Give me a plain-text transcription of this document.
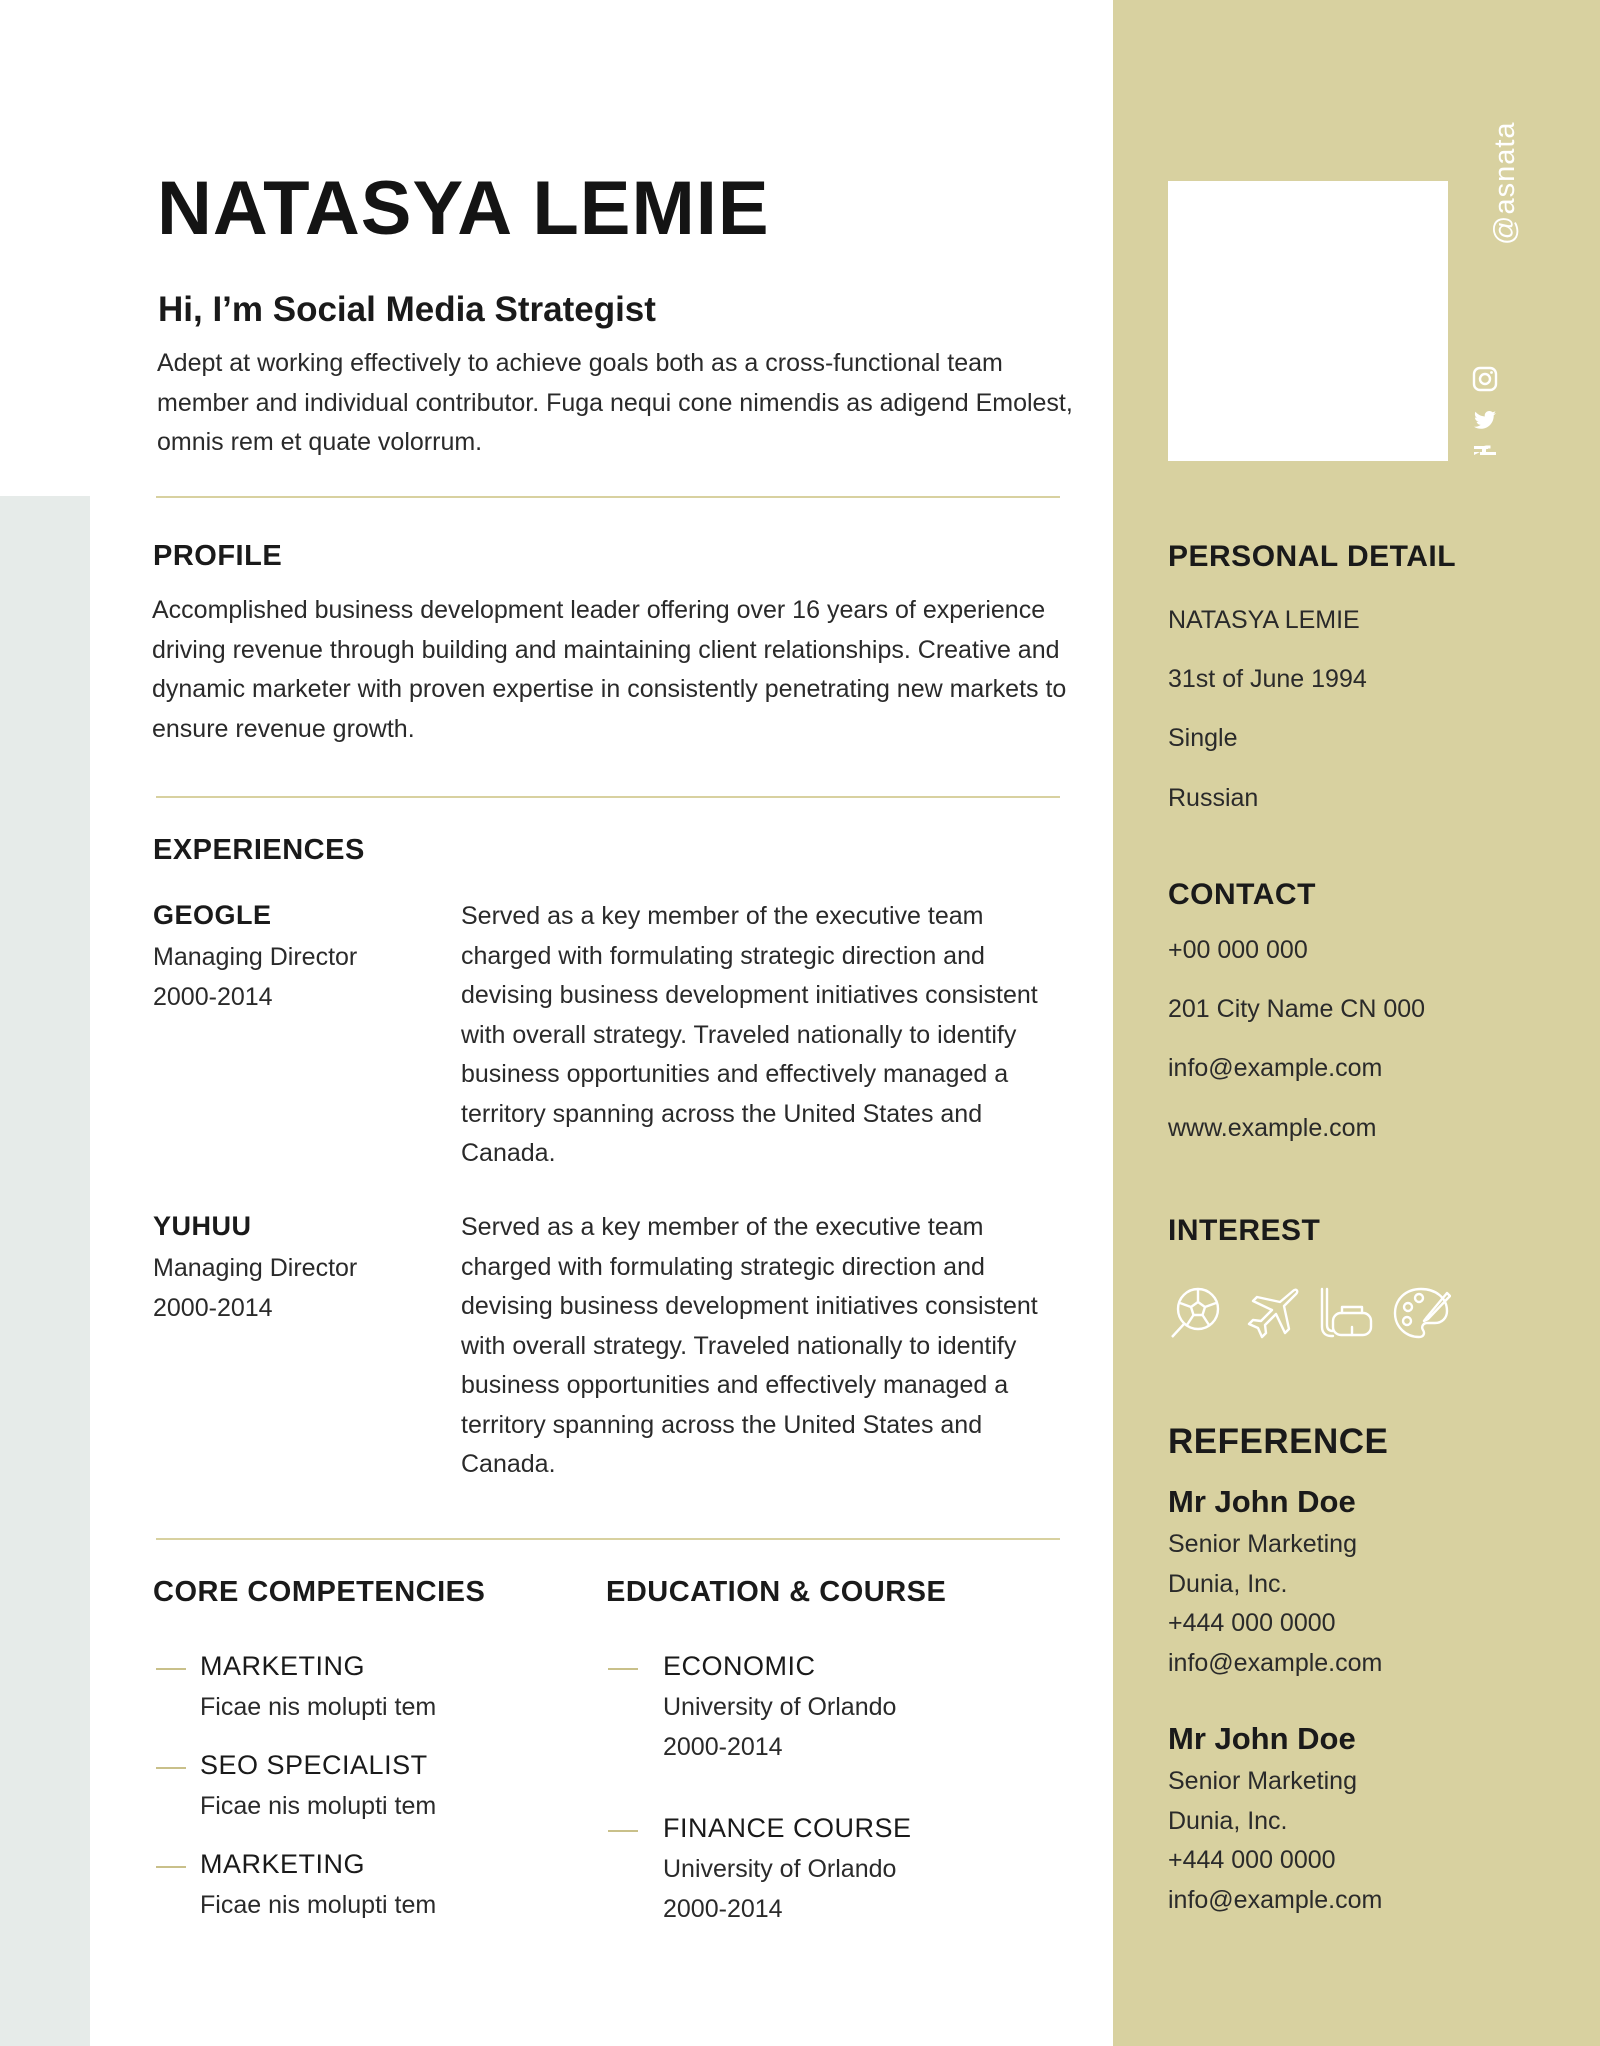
NATASYA LEMIE
Hi, I’m Social Media Strategist
Adept at working effectively to achieve goals both as a cross-functional team member and individual contributor. Fuga nequi cone nimendis as adigend Emolest, omnis rem et quate volorrum.
PROFILE
Accomplished business development leader offering over 16 years of experience driving revenue through building and maintaining client relationships. Creative and dynamic marketer with proven expertise in consistently penetrating new markets to ensure revenue growth.
EXPERIENCES
GEOGLE
Managing Director
2000-2014
Served as a key member of the executive team charged with formulating strategic direction and devising business development initiatives consistent with overall strategy. Traveled nationally to identify business opportunities and effectively managed a territory spanning across the United States and Canada.
YUHUU
Managing Director
2000-2014
Served as a key member of the executive team charged with formulating strategic direction and devising business development initiatives consistent with overall strategy. Traveled nationally to identify business opportunities and effectively managed a territory spanning across the United States and Canada.
CORE COMPETENCIES
MARKETING
Ficae nis molupti tem
SEO SPECIALIST
Ficae nis molupti tem
MARKETING
Ficae nis molupti tem
EDUCATION & COURSE
ECONOMIC
University of Orlando
2000-2014
FINANCE COURSE
University of Orlando
2000-2014
@asnata
PERSONAL DETAIL
NATASYA LEMIE
31st of June 1994
Single
Russian
CONTACT
+00 000 000
201 City Name CN 000
info@example.com
www.example.com
INTEREST
REFERENCE
Mr John Doe
Senior Marketing
Dunia, Inc.
+444 000 0000
info@example.com
Mr John Doe
Senior Marketing
Dunia, Inc.
+444 000 0000
info@example.com
